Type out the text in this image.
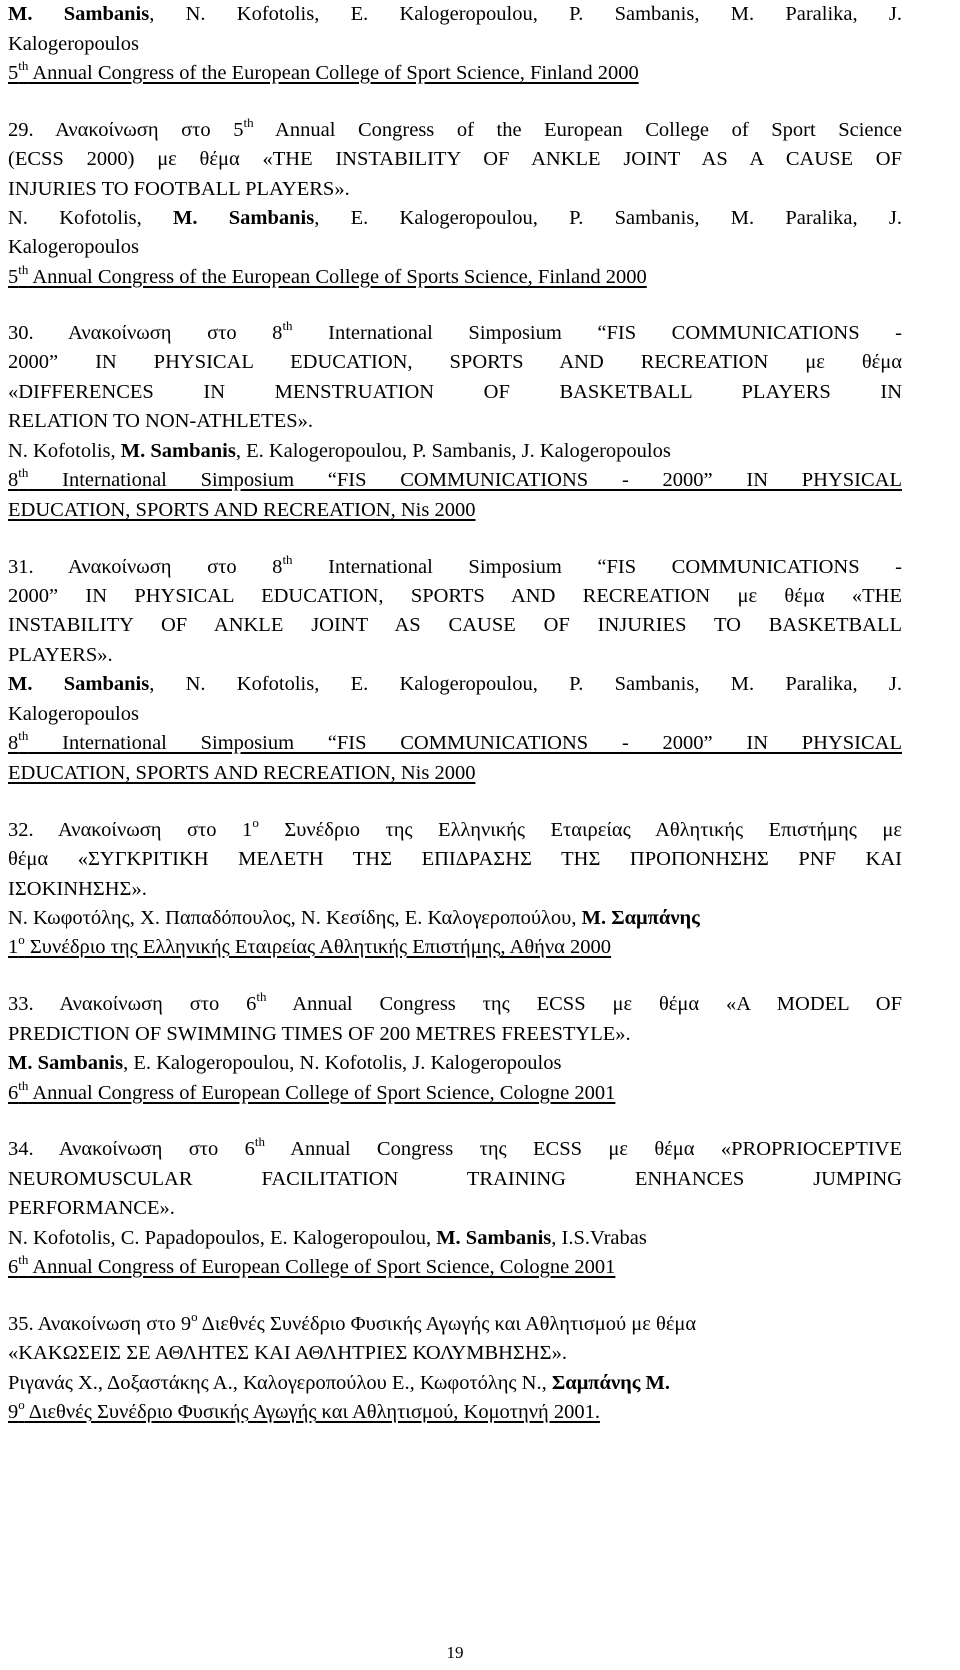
M. Sambanis, N. Kofotolis, E. Kalogeropoulou, P. Sambanis, M. Paralika, J.
Kalogeropoulos
5th Annual Congress of the European College of Sport Science, Finland 2000
29. Ανακοίνωση στο 5th Annual Congress of the European College of Sport Science
(ECSS 2000) με θέμα «THE INSTABILITY OF ANKLE JOINT AS A CAUSE OF
INJURIES TO FOOTBALL PLAYERS».
N. Kofotolis, M. Sambanis, E. Kalogeropoulou, P. Sambanis, M. Paralika, J.
Kalogeropoulos
5th Annual Congress of the European College of Sports Science, Finland 2000
30. Ανακοίνωση στο 8th International Simposium “FIS COMMUNICATIONS -
2000” IN PHYSICAL EDUCATION, SPORTS AND RECREATION με θέμα
«DIFFERENCES IN MENSTRUATION OF BASKETBALL PLAYERS IN
RELATION TO NON-ATHLETES».
N. Kofotolis, M. Sambanis, E. Kalogeropoulou, P. Sambanis, J. Kalogeropoulos
8th International Simposium “FIS COMMUNICATIONS - 2000” IN PHYSICAL
EDUCATION, SPORTS AND RECREATION, Nis 2000
31. Ανακοίνωση στο 8th International Simposium “FIS COMMUNICATIONS -
2000” IN PHYSICAL EDUCATION, SPORTS AND RECREATION με θέμα «THE
INSTABILITY OF ANKLE JOINT AS CAUSE OF INJURIES TO BASKETBALL
PLAYERS».
M. Sambanis, N. Kofotolis, E. Kalogeropoulou, P. Sambanis, M. Paralika, J.
Kalogeropoulos
8th International Simposium “FIS COMMUNICATIONS - 2000” IN PHYSICAL
EDUCATION, SPORTS AND RECREATION, Nis 2000
32. Ανακοίνωση στο $1^o$ Συνέδριο της Ελληνικής Εταιρείας Αθλητικής Επιστήμης με
θέμα «ΣΥΓΚΡΙΤΙΚΗ ΜΕΛΕΤΗ ΤΗΣ ΕΠΙΔΡΑΣΗΣ ΤΗΣ ΠΡΟΠΟΝΗΣΗΣ PNF ΚΑΙ
ΙΣΟΚΙΝΗΣΗΣ».
Ν. Κωφοτόλης, Χ. Παπαδόπουλος, Ν. Κεσίδης, Ε. Καλογεροπούλου, Μ. Σαμπάνης
$1^o$ Συνέδριο της Ελληνικής Εταιρείας Αθλητικής Επιστήμης, Αθήνα 2000
33. Ανακοίνωση στο 6th Annual Congress της ECSS με θέμα «A MODEL OF
PREDICTION OF SWIMMING TIMES OF 200 METRES FREESTYLE».
M. Sambanis, E. Kalogeropoulou, N. Kofotolis, J. Kalogeropoulos
6th Annual Congress of European College of Sport Science, Cologne 2001
34. Ανακοίνωση στο 6th Annual Congress της ECSS με θέμα «PROPRIOCEPTIVE
NEUROMUSCULAR FACILITATION TRAINING ENHANCES JUMPING
PERFORMANCE».
N. Kofotolis, C. Papadopoulos, E. Kalogeropoulou, M. Sambanis, I.S.Vrabas
6th Annual Congress of European College of Sport Science, Cologne 2001
35. Ανακοίνωση στο $9^o$ Διεθνές Συνέδριο Φυσικής Αγωγής και Αθλητισμού με θέμα
«ΚΑΚΩΣΕΙΣ ΣΕ ΑΘΛΗΤΕΣ ΚΑΙ ΑΘΛΗΤΡΙΕΣ ΚΟΛΥΜΒΗΣΗΣ».
Ριγανάς Χ., Δοξαστάκης Α., Καλογεροπούλου Ε., Κωφοτόλης Ν., Σαμπάνης Μ.
$9^o$ Διεθνές Συνέδριο Φυσικής Αγωγής και Αθλητισμού, Κομοτηνή 2001.
19
